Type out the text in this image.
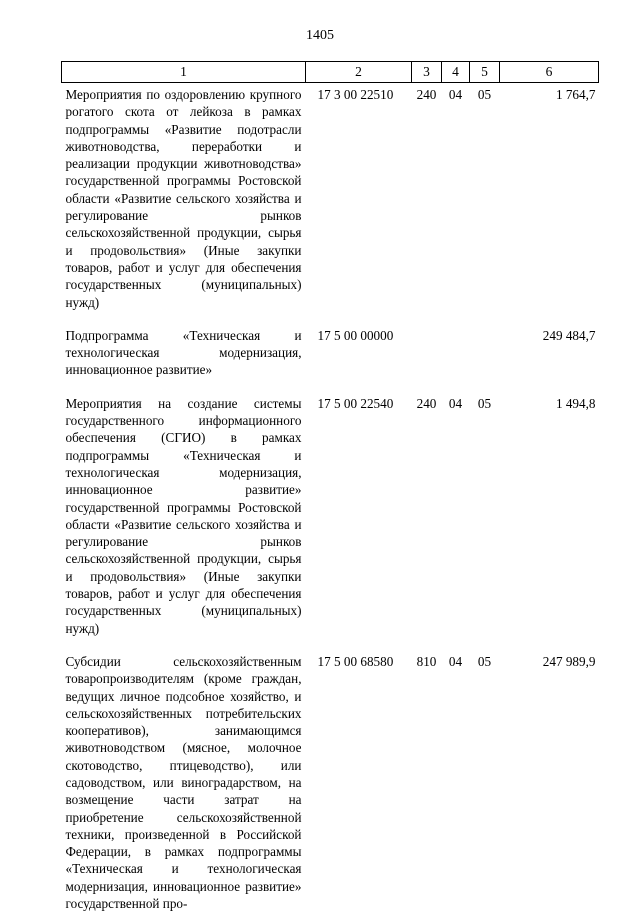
1405
1	2	3	4	5	6
Мероприятия по оздоровлению крупного рогатого скота от лейкоза в рамках подпрограммы «Развитие подотрасли животноводства, переработки и реализации продукции животноводства» государственной программы Ростовской области «Развитие сельского хозяйства и регулирование рынков сельскохозяйственной продукции, сырья и продовольствия» (Иные закупки товаров, работ и услуг для обеспечения государственных (муниципальных) нужд)	17 3 00 22510	240	04	05	1 764,7

Подпрограмма «Техническая и технологическая модернизация, инновационное развитие»	17 5 00 00000				249 484,7

Мероприятия на создание системы государственного информационного обеспечения (СГИО) в рамках подпрограммы «Техническая и технологическая модернизация, инновационное развитие» государственной программы Ростовской области «Развитие сельского хозяйства и регулирование рынков сельскохозяйственной продукции, сырья и продовольствия» (Иные закупки товаров, работ и услуг для обеспечения государственных (муниципальных) нужд)	17 5 00 22540	240	04	05	1 494,8

Субсидии сельскохозяйственным товаропроизводителям (кроме граждан, ведущих личное подсобное хозяйство, и сельскохозяйственных потребительских кооперативов), занимающимся животноводством (мясное, молочное скотоводство, птицеводство), или садоводством, или виноградарством, на возмещение части затрат на приобретение сельскохозяйственной техники, произведенной в Российской Федерации, в рамках подпрограммы «Техническая и технологическая модернизация, инновационное развитие» государственной про-	17 5 00 68580	810	04	05	247 989,9
